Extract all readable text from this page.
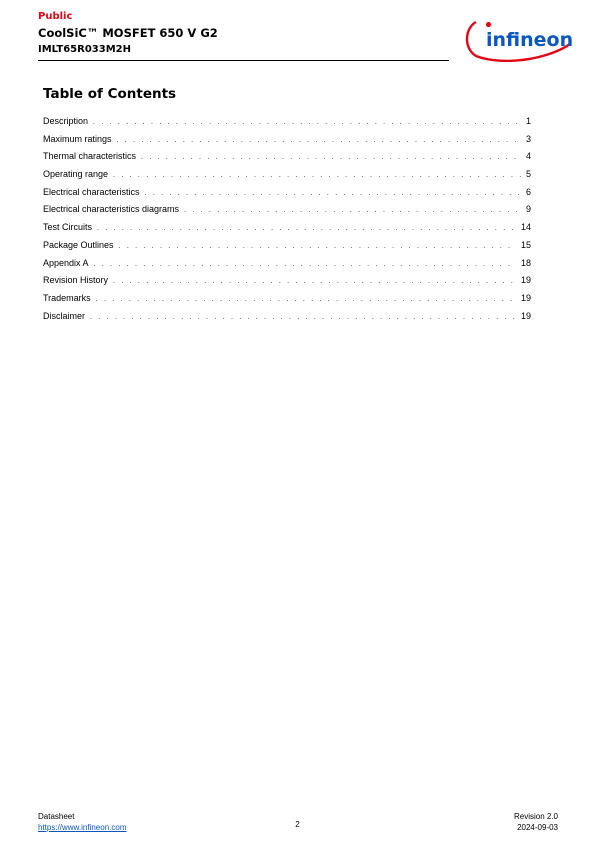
Public
CoolSiC™ MOSFET 650 V G2
IMLT65R033M2H	infineon
Table of Contents
Description . . .	1
Maximum ratings . . .	3
Thermal characteristics . . .	4
Operating range . . .	5
Electrical characteristics . . .	6
Electrical characteristics diagrams . . .	9
Test Circuits . . .	14
Package Outlines . . .	15
Appendix A . . .	18
Revision History . . .	19
Trademarks . . .	19
Disclaimer . . .	19
Datasheet
https://www.infineon.com	2
Revision 2.0
2024-09-03
